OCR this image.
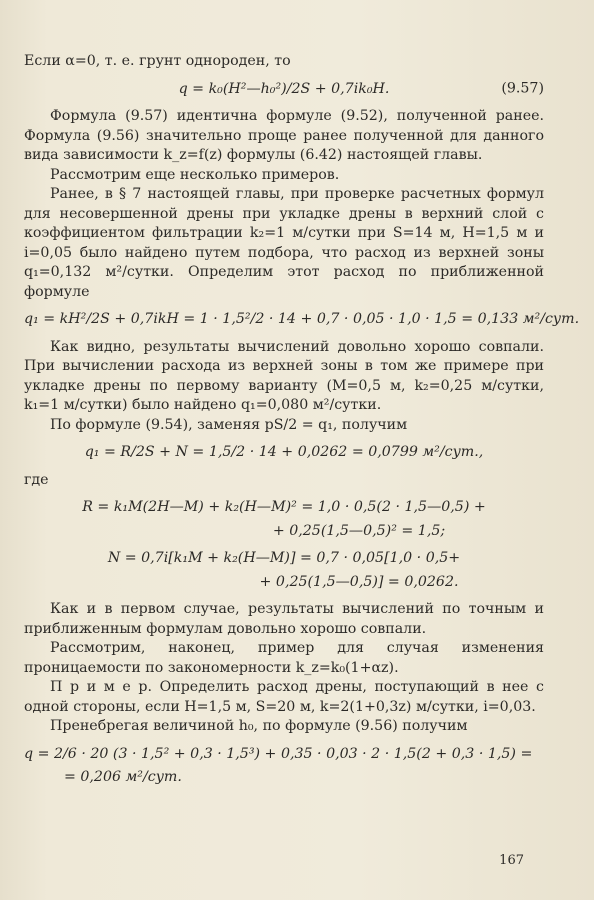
Если α=0, т. е. грунт однороден, то

q = k₀(H²—h₀²)/2S + 0,7ik₀H.	(9.57)

Формула (9.57) идентична формуле (9.52), полученной ранее. Формула (9.56) значительно проще ранее полученной для данного вида зависимости k_z=f(z) формулы (6.42) настоящей главы.

Рассмотрим еще несколько примеров.

Ранее, в § 7 настоящей главы, при проверке расчетных формул для несовершенной дрены при укладке дрены в верхний слой с коэффициентом фильтрации k₂=1 м/сутки при S=14 м, H=1,5 м и i=0,05 было найдено путем подбора, что расход из верхней зоны q₁=0,132 м²/сутки. Определим этот расход по приближенной формуле

q₁ = kH²/2S + 0,7ikH = 1 · 1,5²/2 · 14 + 0,7 · 0,05 · 1,0 · 1,5 = 0,133 м²/сут.

Как видно, результаты вычислений довольно хорошо совпали. При вычислении расхода из верхней зоны в том же примере при укладке дрены по первому варианту (M=0,5 м, k₂=0,25 м/сутки, k₁=1 м/сутки) было найдено q₁=0,080 м²/сутки.

По формуле (9.54), заменяя pS/2 = q₁, получим

q₁ = R/2S + N = 1,5/2 · 14 + 0,0262 = 0,0799 м²/сут.,

где

R = k₁M(2H—M) + k₂(H—M)² = 1,0 · 0,5(2 · 1,5—0,5) +
+ 0,25(1,5—0,5)² = 1,5;
N = 0,7i[k₁M + k₂(H—M)] = 0,7 · 0,05[1,0 · 0,5+
+ 0,25(1,5—0,5)] = 0,0262.

Как и в первом случае, результаты вычислений по точным и приближенным формулам довольно хорошо совпали.

Рассмотрим, наконец, пример для случая изменения проницаемости по закономерности k_z=k₀(1+αz).

П р и м е р. Определить расход дрены, поступающий в нее с одной стороны, если H=1,5 м, S=20 м, k=2(1+0,3z) м/сутки, i=0,03.

Пренебрегая величиной h₀, по формуле (9.56) получим

q = 2/6 · 20 (3 · 1,5² + 0,3 · 1,5³) + 0,35 · 0,03 · 2 · 1,5(2 + 0,3 · 1,5) =
= 0,206 м²/сут.
167
